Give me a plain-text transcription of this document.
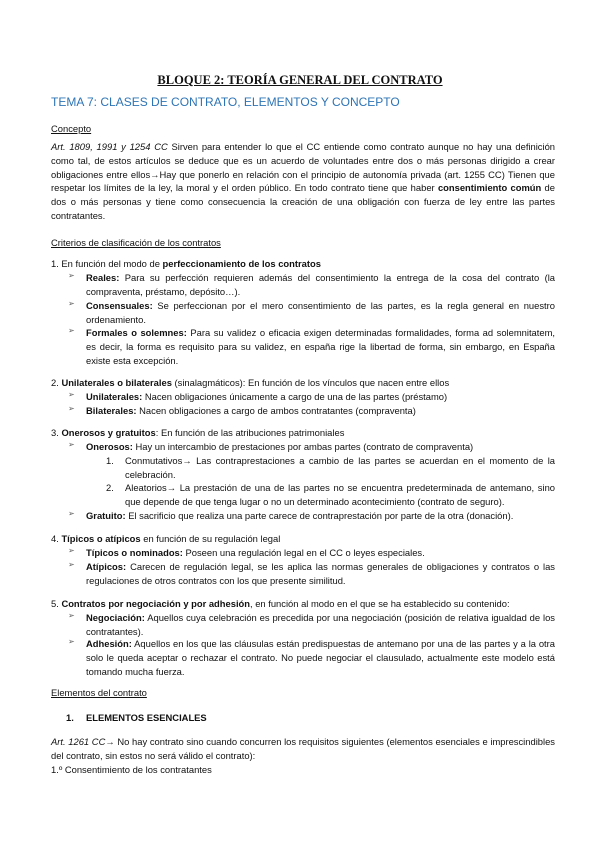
BLOQUE 2: TEORÍA GENERAL DEL CONTRATO
TEMA 7: CLASES DE CONTRATO, ELEMENTOS Y CONCEPTO
Concepto
Art. 1809, 1991 y 1254 CC Sirven para entender lo que el CC entiende como contrato aunque no hay una definición como tal, de estos artículos se deduce que es un acuerdo de voluntades entre dos o más personas dirigido a crear obligaciones entre ellos→Hay que ponerlo en relación con el principio de autonomía privada (art. 1255 CC) Tienen que respetar los límites de la ley, la moral y el orden público. En todo contrato tiene que haber consentimiento común de dos o más personas y tiene como consecuencia la creación de una obligación con fuerza de ley entre las partes contratantes.
Criterios de clasificación de los contratos
1. En función del modo de perfeccionamiento de los contratos
➢ Reales: Para su perfección requieren además del consentimiento la entrega de la cosa del contrato (la compraventa, préstamo, depósito…).
➢ Consensuales: Se perfeccionan por el mero consentimiento de las partes, es la regla general en nuestro ordenamiento.
➢ Formales o solemnes: Para su validez o eficacia exigen determinadas formalidades, forma ad solemnitatem, es decir, la forma es requisito para su validez, en españa rige la libertad de forma, sin embargo, en España existe esta excepción.
2. Unilaterales o bilaterales (sinalagmáticos): En función de los vínculos que nacen entre ellos
➢ Unilaterales: Nacen obligaciones únicamente a cargo de una de las partes (préstamo)
➢ Bilaterales: Nacen obligaciones a cargo de ambos contratantes (compraventa)
3. Onerosos y gratuitos: En función de las atribuciones patrimoniales
➢ Onerosos: Hay un intercambio de prestaciones por ambas partes (contrato de compraventa)
1. Conmutativos→ Las contraprestaciones a cambio de las partes se acuerdan en el momento de la celebración.
2. Aleatorios→ La prestación de una de las partes no se encuentra predeterminada de antemano, sino que depende de que tenga lugar o no un determinado acontecimiento (contrato de seguro).
➢ Gratuito: El sacrificio que realiza una parte carece de contraprestación por parte de la otra (donación).
4. Típicos o atípicos en función de su regulación legal
➢ Típicos o nominados: Poseen una regulación legal en el CC o leyes especiales.
➢ Atípicos: Carecen de regulación legal, se les aplica las normas generales de obligaciones y contratos o las regulaciones de otros contratos con los que presente similitud.
5. Contratos por negociación y por adhesión, en función al modo en el que se ha establecido su contenido:
➢ Negociación: Aquellos cuya celebración es precedida por una negociación (posición de relativa igualdad de los contratantes).
➢ Adhesión: Aquellos en los que las cláusulas están predispuestas de antemano por una de las partes y a la otra solo le queda aceptar o rechazar el contrato. No puede negociar el clausulado, actualmente este modelo está tomando mucha fuerza.
Elementos del contrato
1. ELEMENTOS ESENCIALES
Art. 1261 CC→ No hay contrato sino cuando concurren los requisitos siguientes (elementos esenciales e imprescindibles del contrato, sin estos no será válido el contrato):
1.º Consentimiento de los contratantes
